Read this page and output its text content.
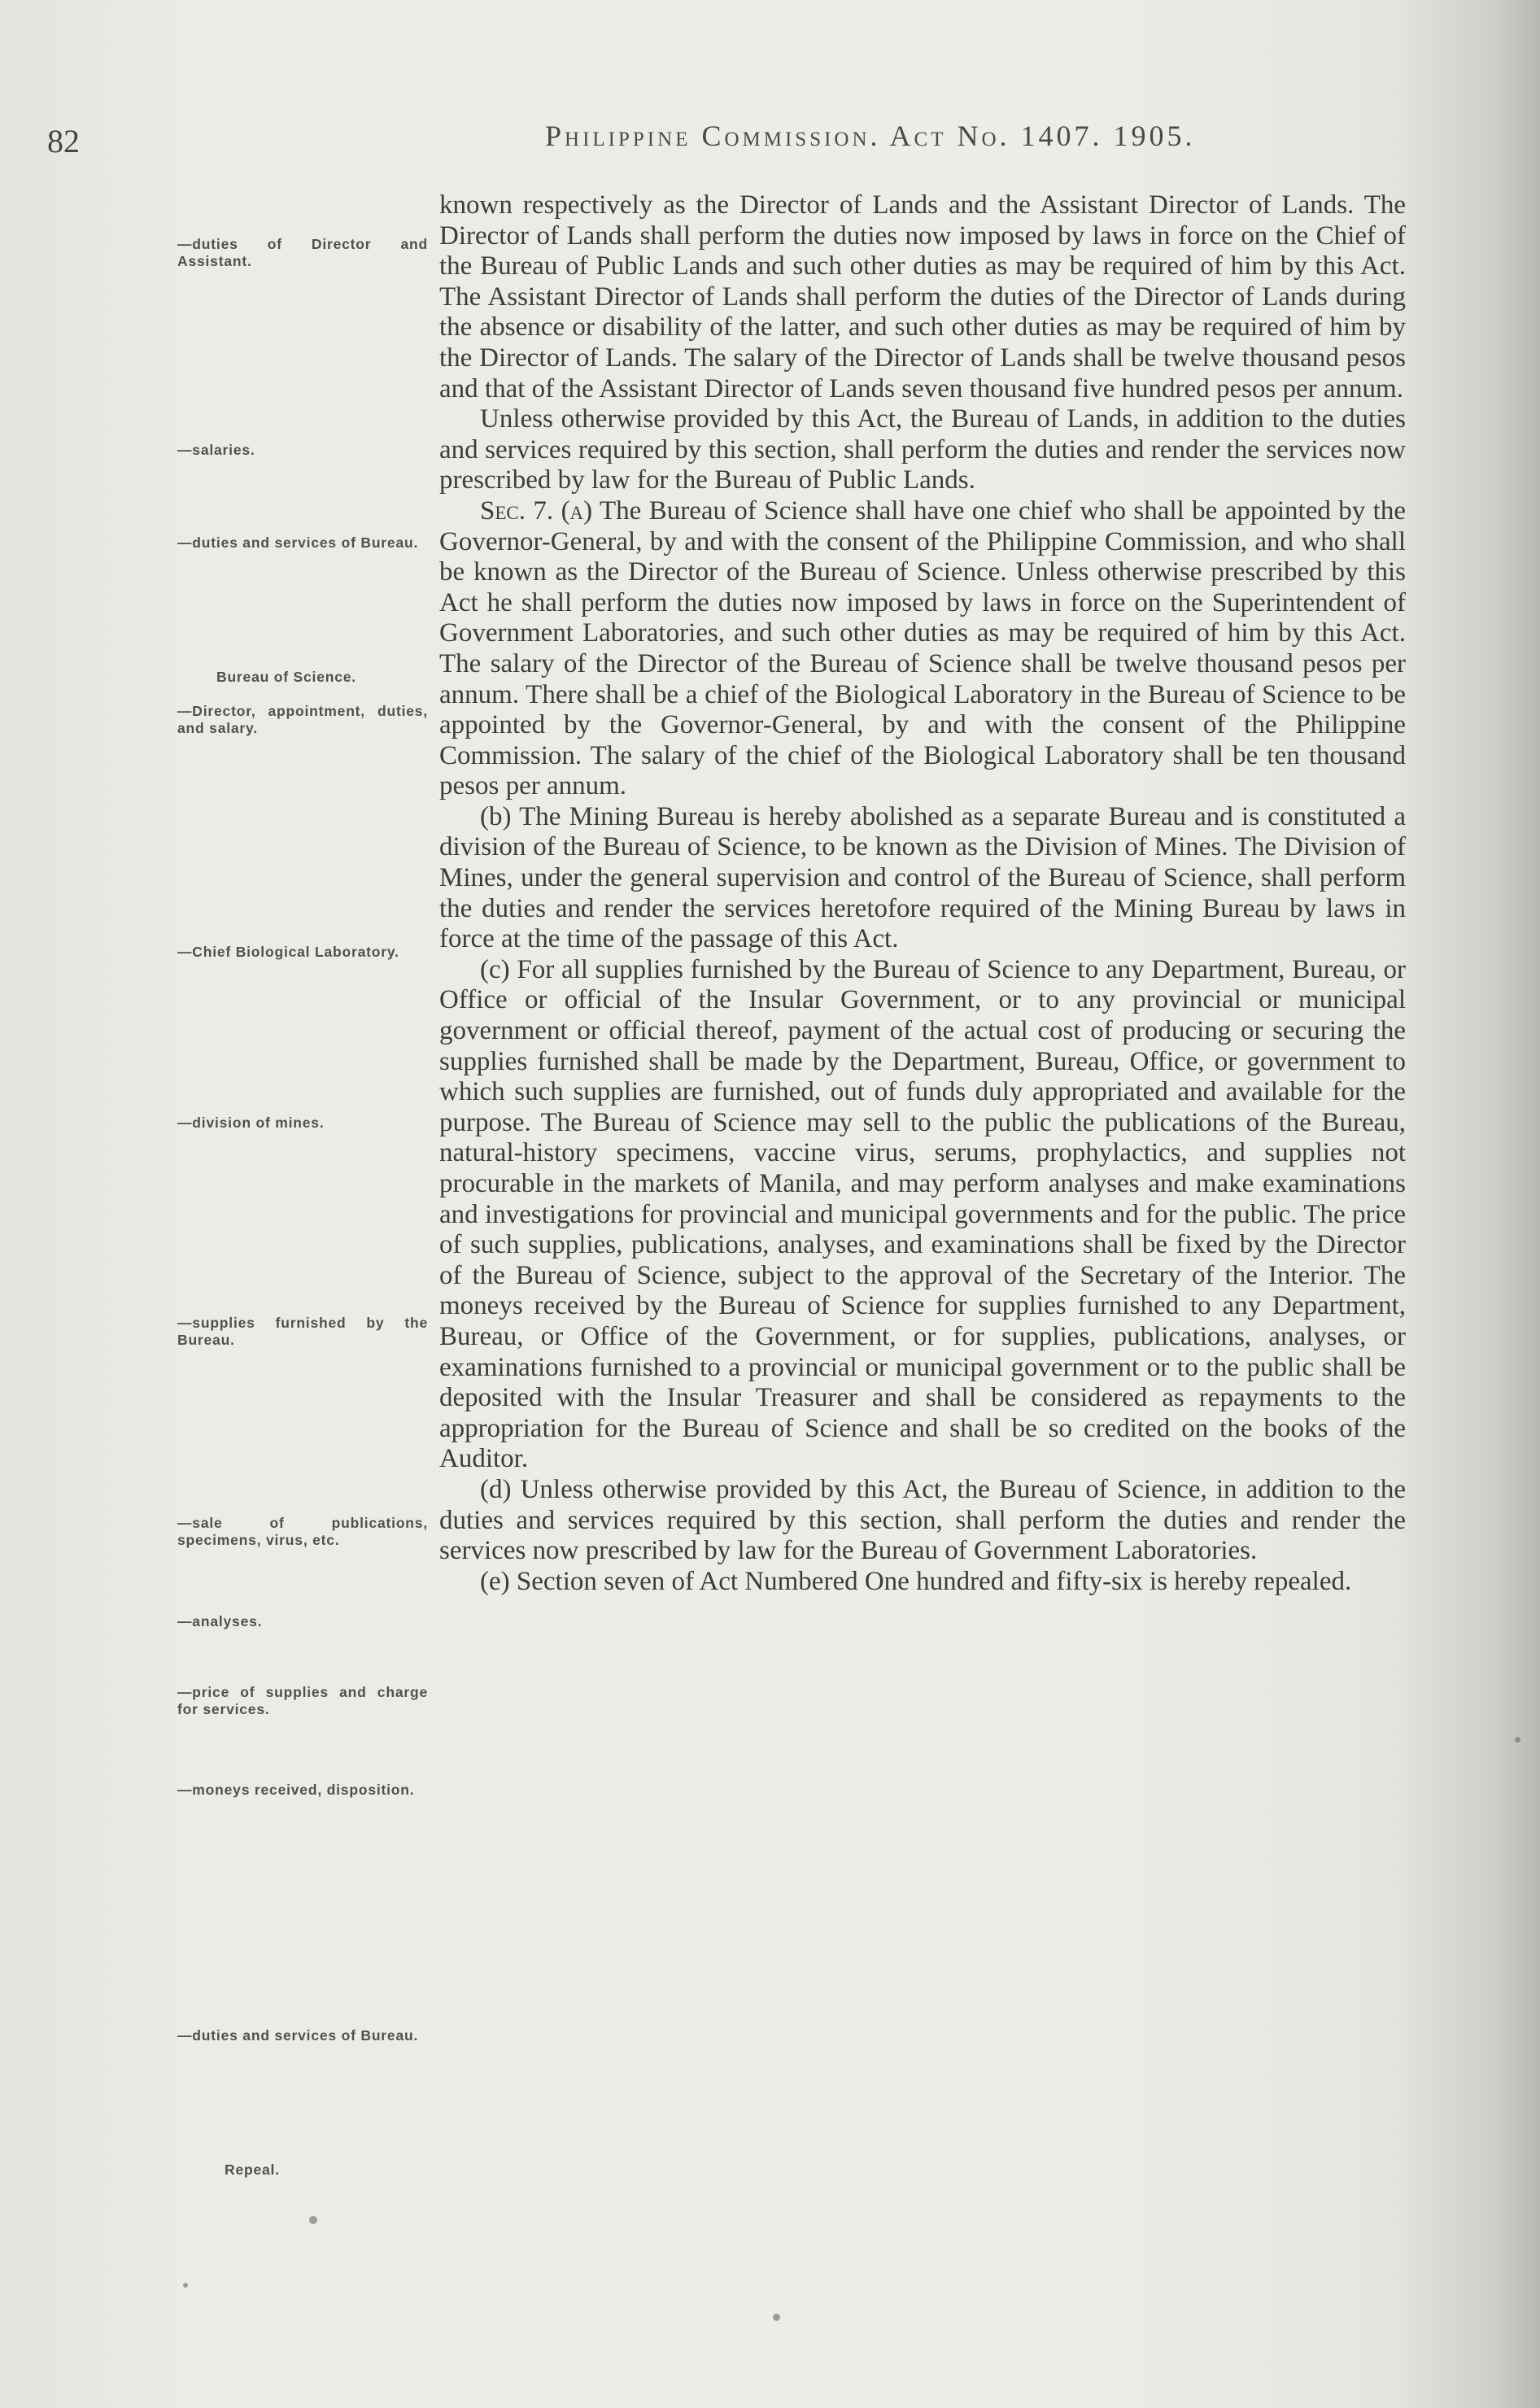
82	Philippine Commission. Act No. 1407. 1905.
—duties of Director and Assistant.
—salaries.
—duties and services of Bureau.
Bureau of Science.
—Director, appointment, duties, and salary.
—Chief Biological Laboratory.
—division of mines.
—supplies furnished by the Bureau.
—sale of publications, specimens, virus, etc.
—analyses.
—price of supplies and charge for services.
—moneys received, disposition.
—duties and services of Bureau.
Repeal.

known respectively as the Director of Lands and the Assistant Director of Lands. The Director of Lands shall perform the duties now imposed by laws in force on the Chief of the Bureau of Public Lands and such other duties as may be required of him by this Act. The Assistant Director of Lands shall perform the duties of the Director of Lands during the absence or disability of the latter, and such other duties as may be required of him by the Director of Lands. The salary of the Director of Lands shall be twelve thousand pesos and that of the Assistant Director of Lands seven thousand five hundred pesos per annum.

Unless otherwise provided by this Act, the Bureau of Lands, in addition to the duties and services required by this section, shall perform the duties and render the services now prescribed by law for the Bureau of Public Lands.

Sec. 7. (a) The Bureau of Science shall have one chief who shall be appointed by the Governor-General, by and with the consent of the Philippine Commission, and who shall be known as the Director of the Bureau of Science. Unless otherwise prescribed by this Act he shall perform the duties now imposed by laws in force on the Superintendent of Government Laboratories, and such other duties as may be required of him by this Act. The salary of the Director of the Bureau of Science shall be twelve thousand pesos per annum. There shall be a chief of the Biological Laboratory in the Bureau of Science to be appointed by the Governor-General, by and with the consent of the Philippine Commission. The salary of the chief of the Biological Laboratory shall be ten thousand pesos per annum.

(b) The Mining Bureau is hereby abolished as a separate Bureau and is constituted a division of the Bureau of Science, to be known as the Division of Mines. The Division of Mines, under the general supervision and control of the Bureau of Science, shall perform the duties and render the services heretofore required of the Mining Bureau by laws in force at the time of the passage of this Act.

(c) For all supplies furnished by the Bureau of Science to any Department, Bureau, or Office or official of the Insular Government, or to any provincial or municipal government or official thereof, payment of the actual cost of producing or securing the supplies furnished shall be made by the Department, Bureau, Office, or government to which such supplies are furnished, out of funds duly appropriated and available for the purpose. The Bureau of Science may sell to the public the publications of the Bureau, natural-history specimens, vaccine virus, serums, prophylactics, and supplies not procurable in the markets of Manila, and may perform analyses and make examinations and investigations for provincial and municipal governments and for the public. The price of such supplies, publications, analyses, and examinations shall be fixed by the Director of the Bureau of Science, subject to the approval of the Secretary of the Interior. The moneys received by the Bureau of Science for supplies furnished to any Department, Bureau, or Office of the Government, or for supplies, publications, analyses, or examinations furnished to a provincial or municipal government or to the public shall be deposited with the Insular Treasurer and shall be considered as repayments to the appropriation for the Bureau of Science and shall be so credited on the books of the Auditor.

(d) Unless otherwise provided by this Act, the Bureau of Science, in addition to the duties and services required by this section, shall perform the duties and render the services now prescribed by law for the Bureau of Government Laboratories.

(e) Section seven of Act Numbered One hundred and fifty-six is hereby repealed.
